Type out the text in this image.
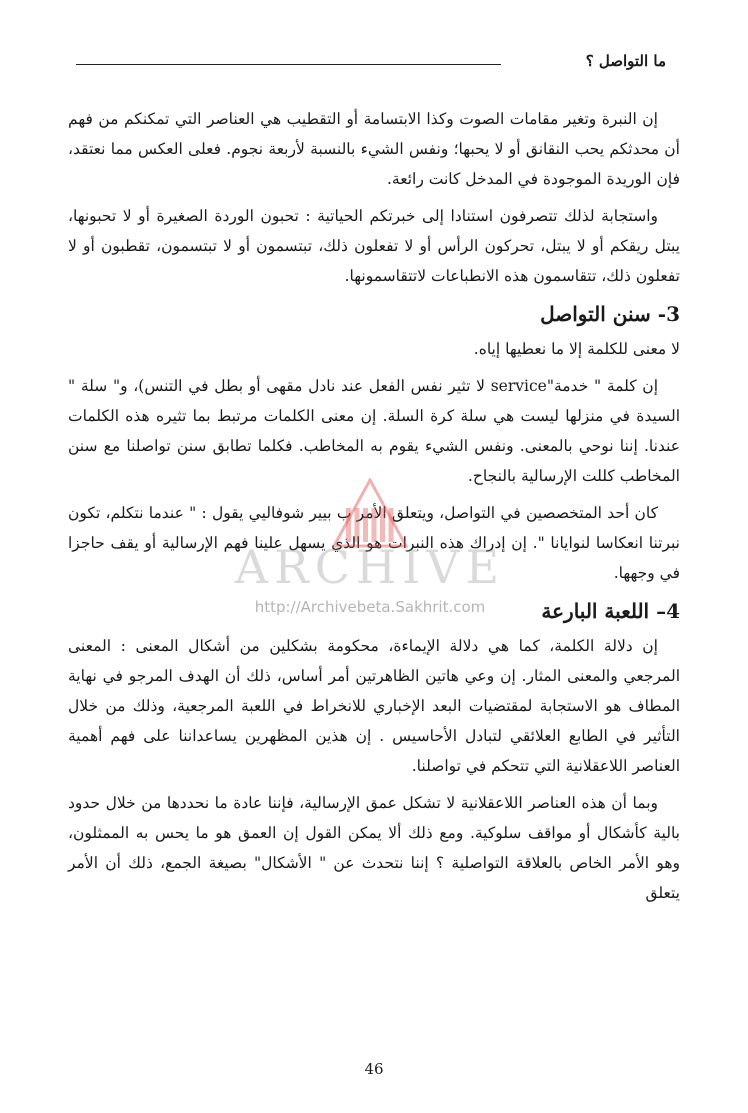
ما التواصل ؟

إن النبرة وتغير مقامات الصوت وكذا الابتسامة أو التقطيب هي العناصر التي تمكنكم من فهم أن محدثكم يحب النقانق أو لا يحبها؛ ونفس الشيء بالنسبة لأربعة نجوم. فعلى العكس مما نعتقد، فإن الوريدة الموجودة في المدخل كانت رائعة.

واستجابة لذلك تتصرفون استنادا إلى خبرتكم الحياتية : تحبون الوردة الصغيرة أو لا تحبونها، يبتل ريقكم أو لا يبتل، تحركون الرأس أو لا تفعلون ذلك، تبتسمون أو لا تبتسمون، تقطبون أو لا تفعلون ذلك، تتقاسمون هذه الانطباعات لاتتقاسمونها.

3- سنن التواصل

لا معنى للكلمة إلا ما نعطيها إياه.

إن كلمة " خدمة"service لا تثير نفس الفعل عند نادل مقهى أو بطل في التنس)، و" سلة " السيدة في منزلها ليست هي سلة كرة السلة. إن معنى الكلمات مرتبط بما تثيره هذه الكلمات عندنا. إننا نوحي بالمعنى. ونفس الشيء يقوم به المخاطب. فكلما تطابق سنن تواصلنا مع سنن المخاطب كللت الإرسالية بالنجاح.

كان أحد المتخصصين في التواصل، ويتعلق الأمر ب بيير شوفاليي يقول : " عندما نتكلم، تكون نبرتنا انعكاسا لنوايانا ". إن إدراك هذه النبرات هو الذي يسهل علينا فهم الإرسالية أو يقف حاجزا في وجهها.

4– اللعبة البارعة

إن دلالة الكلمة، كما هي دلالة الإيماءة، محكومة بشكلين من أشكال المعنى : المعنى المرجعي والمعنى المثار. إن وعي هاتين الظاهرتين أمر أساس، ذلك أن الهدف المرجو في نهاية المطاف هو الاستجابة لمقتضيات البعد الإخباري للانخراط في اللعبة المرجعية، وذلك من خلال التأثير في الطابع العلائقي لتبادل الأحاسيس . إن هذين المظهرين يساعداننا على فهم أهمية العناصر اللاعقلانية التي تتحكم في تواصلنا.

وبما أن هذه العناصر اللاعقلانية لا تشكل عمق الإرسالية، فإننا عادة ما نحددها من خلال حدود بالية كأشكال أو مواقف سلوكية. ومع ذلك ألا يمكن القول إن العمق هو ما يحس به الممثلون، وهو الأمر الخاص بالعلاقة التواصلية ؟ إننا نتحدث عن " الأشكال" بصيغة الجمع، ذلك أن الأمر يتعلق

ARCHIVE
http://Archivebeta.Sakhrit.com
46
